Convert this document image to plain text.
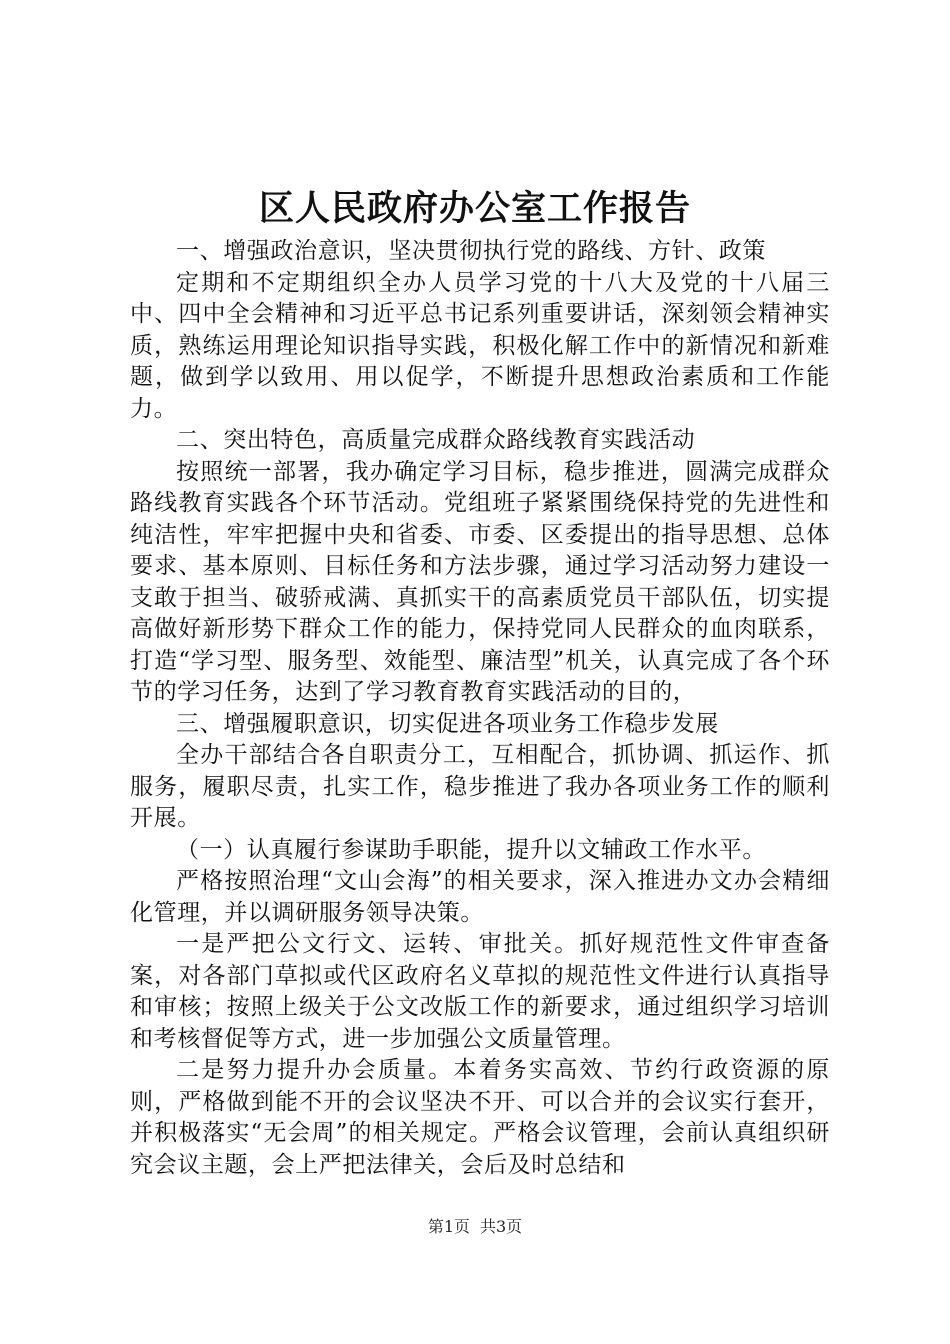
区人民政府办公室工作报告

一、增强政治意识，坚决贯彻执行党的路线、方针、政策

定期和不定期组织全办人员学习党的十八大及党的十八届三中、四中全会精神和习近平总书记系列重要讲话，深刻领会精神实质，熟练运用理论知识指导实践，积极化解工作中的新情况和新难题，做到学以致用、用以促学，不断提升思想政治素质和工作能力。

二、突出特色，高质量完成群众路线教育实践活动

按照统一部署，我办确定学习目标，稳步推进，圆满完成群众路线教育实践各个环节活动。党组班子紧紧围绕保持党的先进性和纯洁性，牢牢把握中央和省委、市委、区委提出的指导思想、总体要求、基本原则、目标任务和方法步骤，通过学习活动努力建设一支敢于担当、破骄戒满、真抓实干的高素质党员干部队伍，切实提高做好新形势下群众工作的能力，保持党同人民群众的血肉联系，打造“学习型、服务型、效能型、廉洁型”机关，认真完成了各个环节的学习任务，达到了学习教育教育实践活动的目的，

三、增强履职意识，切实促进各项业务工作稳步发展

全办干部结合各自职责分工，互相配合，抓协调、抓运作、抓服务，履职尽责，扎实工作，稳步推进了我办各项业务工作的顺利开展。

（一）认真履行参谋助手职能，提升以文辅政工作水平。

严格按照治理“文山会海”的相关要求，深入推进办文办会精细化管理，并以调研服务领导决策。

一是严把公文行文、运转、审批关。抓好规范性文件审查备案，对各部门草拟或代区政府名义草拟的规范性文件进行认真指导和审核；按照上级关于公文改版工作的新要求，通过组织学习培训和考核督促等方式，进一步加强公文质量管理。

二是努力提升办会质量。本着务实高效、节约行政资源的原则，严格做到能不开的会议坚决不开、可以合并的会议实行套开，并积极落实“无会周”的相关规定。严格会议管理，会前认真组织研究会议主题，会上严把法律关，会后及时总结和

第1页 共3页
